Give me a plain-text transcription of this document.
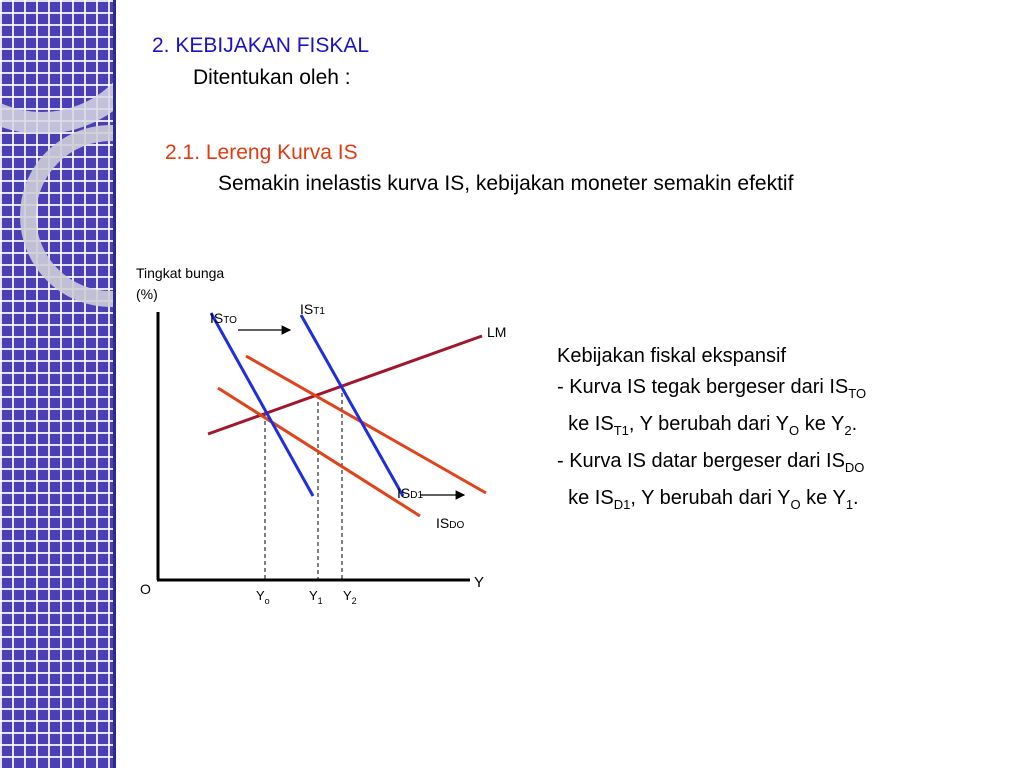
2. KEBIJAKAN FISKAL
Ditentukan oleh :
2.1. Lereng Kurva IS
Semakin inelastis kurva IS, kebijakan moneter semakin efektif
Tingkat bunga
(%)
Y
O
LM
ISTO
IST1
ISD1
ISDO
$Y_o$	$Y_1$ $Y_2$
Kebijakan fiskal ekspansif
- Kurva IS tegak bergeser dari $IS_{TO}$
ke $IS_{T1}$, Y berubah dari $Y_O$ ke $Y_2$.
- Kurva IS datar bergeser dari $IS_{DO}$
ke $IS_{D1}$, Y berubah dari $Y_O$ ke $Y_1$.
